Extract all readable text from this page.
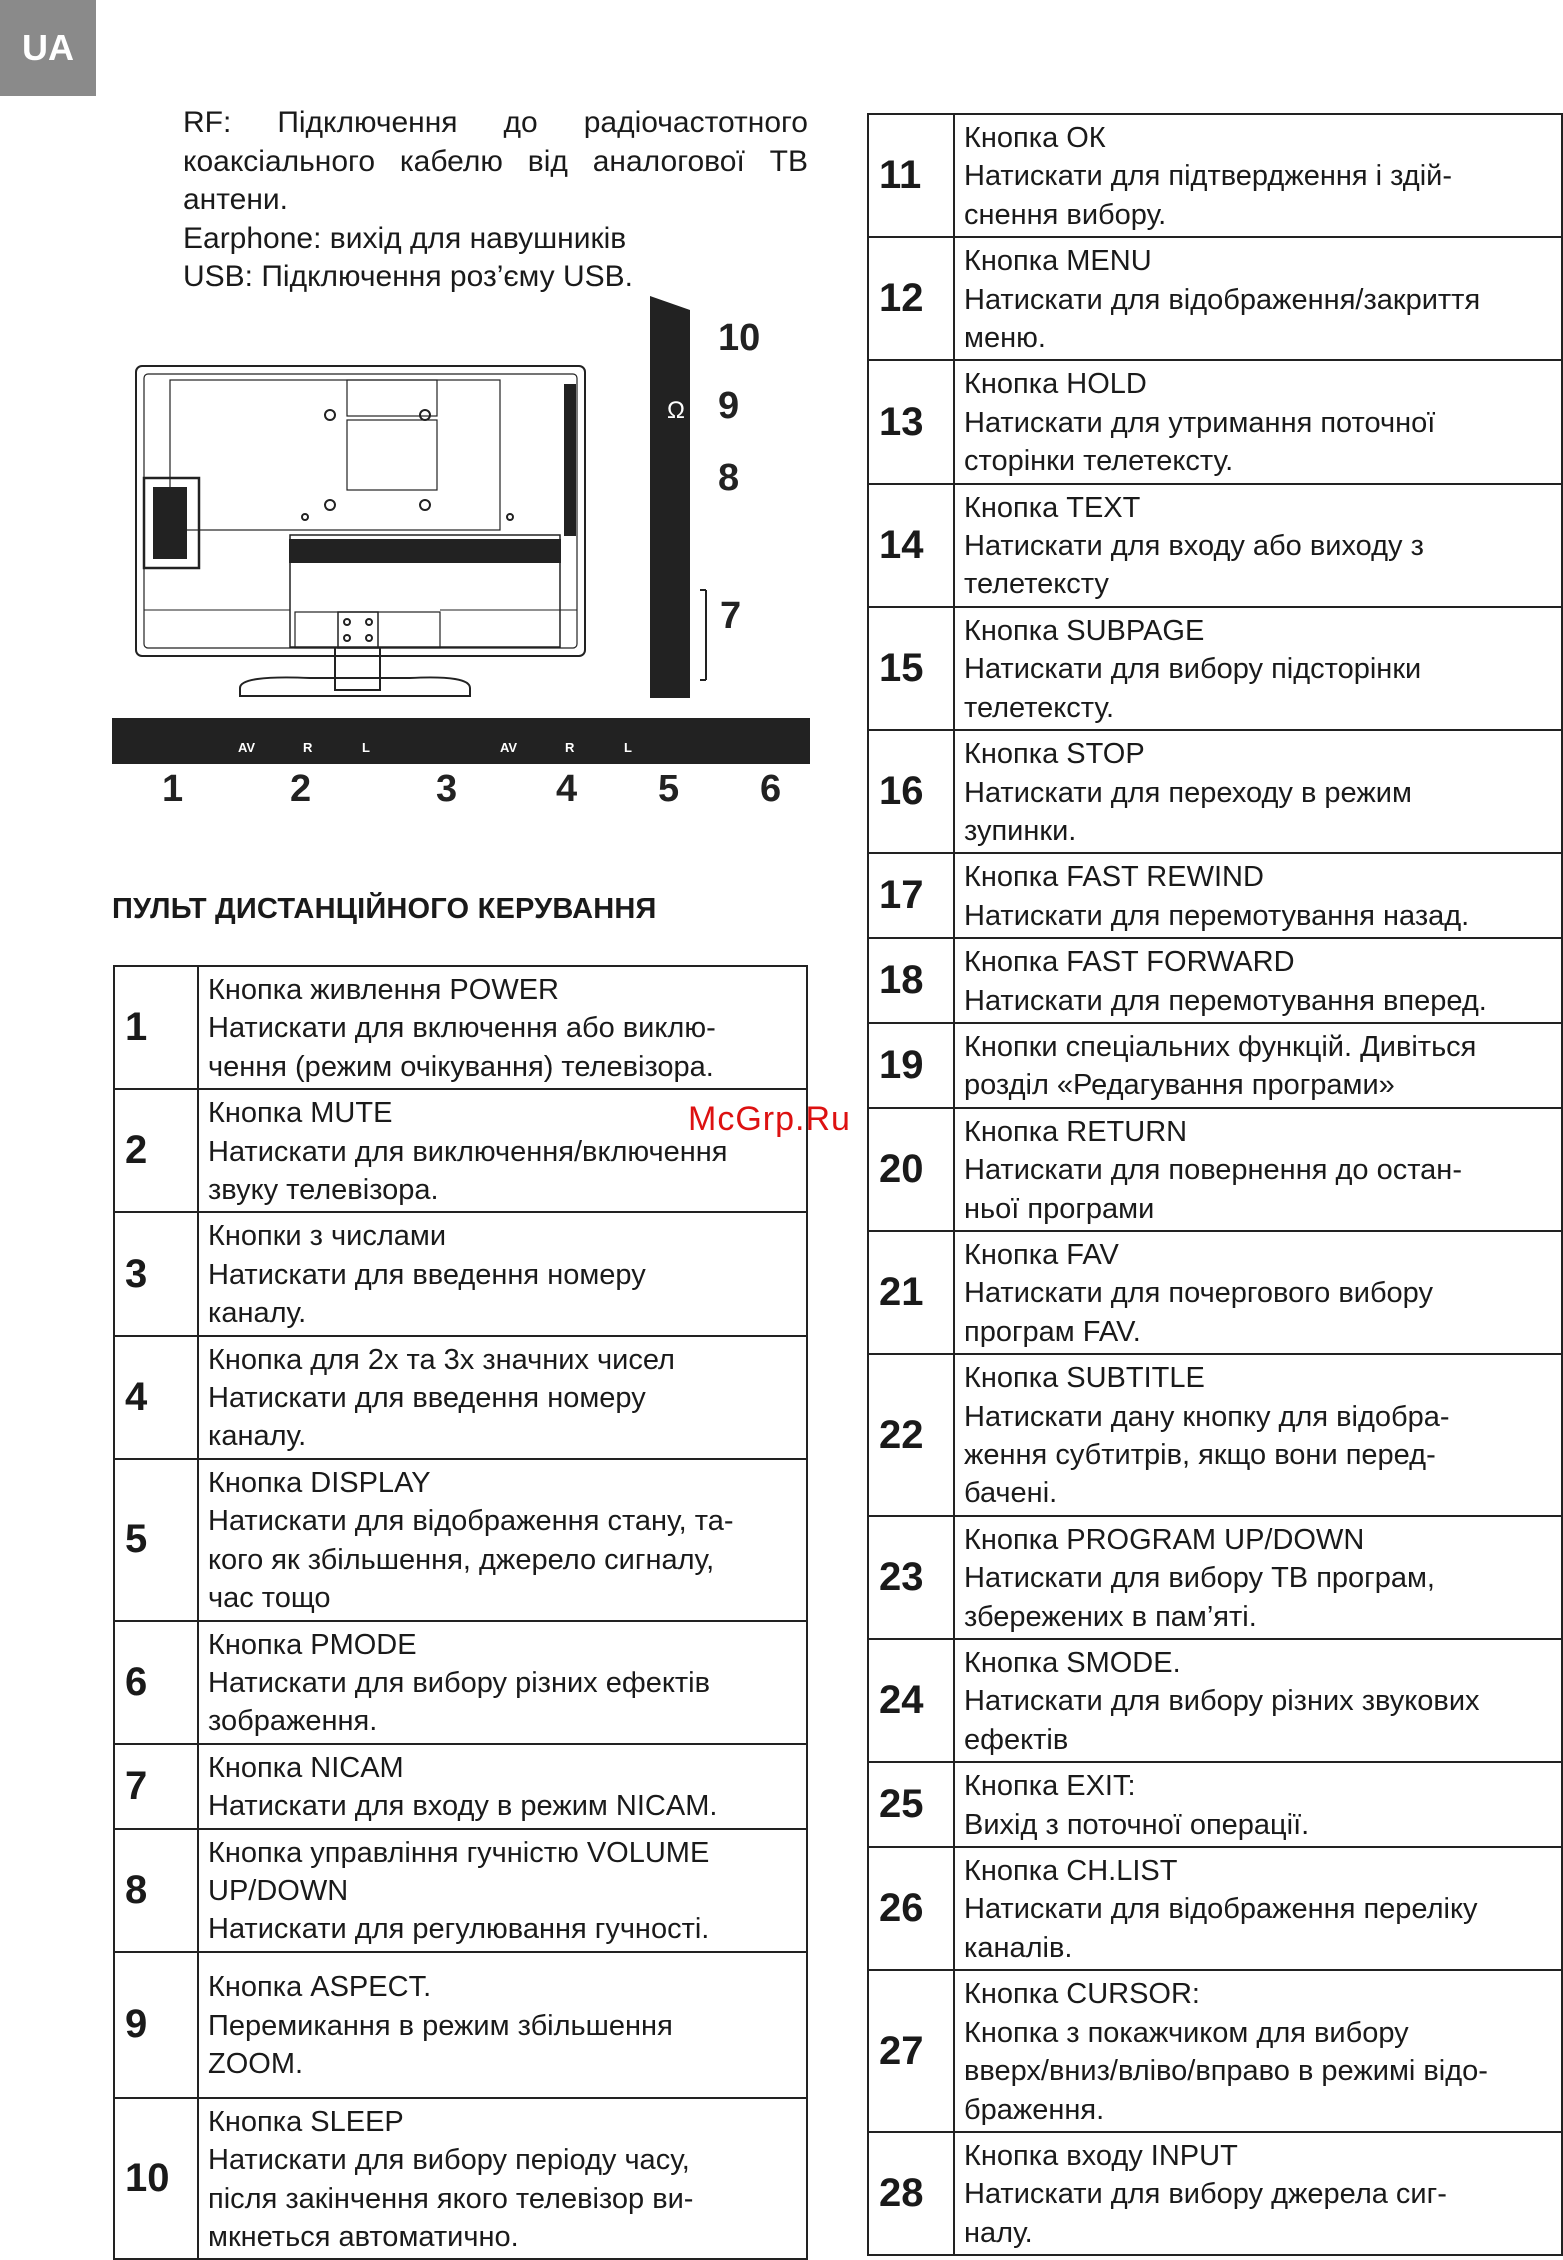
UA

RF: Підключення до радіочастотного коаксіального кабелю від аналогової ТВ антени.

Earphone: вихід для навушників

USB: Підключення роз’єму USB.

Ω
10
9
8
7
AV	R	L	AV	R	L
1	2	3	4 5 6
ПУЛЬТ ДИСТАНЦІЙНОГО КЕРУВАННЯ
1	Кнопка живлення POWER
Натискати для включення або виклю-
чення (режим очікування) телевізора.

2	Кнопка MUTE
Натискати для виключення/включення
звуку телевізора.

3	Кнопки з числами
Натискати для введення номеру
каналу.

4	Кнопка для 2х та 3х значних чисел
Натискати для введення номеру
каналу.

5	Кнопка DISPLAY
Натискати для відображення стану, та-
кого як збільшення, джерело сигналу,
час тощо

6	Кнопка PMODE
Натискати для вибору різних ефектів
зображення.

7	Кнопка NICAM
Натискати для входу в режим NICAM.

8	Кнопка управління гучністю VOLUME
UP/DOWN
Натискати для регулювання гучності.

9	Кнопка ASPECT.
Перемикання в режим збільшення
ZOOM.

10	Кнопка SLEEP
Натискати для вибору періоду часу,
після закінчення якого телевізор ви-
мкнеться автоматично.
11	Кнопка ОК
Натискати для підтвердження і здій-
снення вибору.

12	Кнопка MENU
Натискати для відображення/закриття
меню.

13	Кнопка HOLD
Натискати для утримання поточної
сторінки телетексту.

14	Кнопка TEXT
Натискати для входу або виходу з
телетексту

15	Кнопка SUBPAGE
Натискати для вибору підсторінки
телетексту.

16	Кнопка STOP
Натискати для переходу в режим
зупинки.

17	Кнопка FAST REWIND
Натискати для перемотування назад.

18	Кнопка FAST FORWARD
Натискати для перемотування вперед.

19	Кнопки спеціальних функцій. Дивіться
розділ «Редагування програми»

20	Кнопка RETURN
Натискати для повернення до остан-
ньої програми

21	Кнопка FAV
Натискати для почергового вибору
програм FAV.

22	Кнопка SUBTITLE
Натискати дану кнопку для відобра-
ження субтитрів, якщо вони перед-
бачені.

23	Кнопка PROGRAM UP/DOWN
Натискати для вибору ТВ програм,
збережених в пам’яті.

24	Кнопка SMODE.
Натискати для вибору різних звукових
ефектів

25	Кнопка EXIT:
Вихід з поточної операції.

26	Кнопка CH.LIST
Натискати для відображення переліку
каналів.

27	Кнопка CURSOR:
Кнопка з покажчиком для вибору
вверх/вниз/вліво/вправо в режимі відо-
браження.

28	Кнопка входу INPUT
Натискати для вибору джерела сиг-
налу.
McGrp.Ru
